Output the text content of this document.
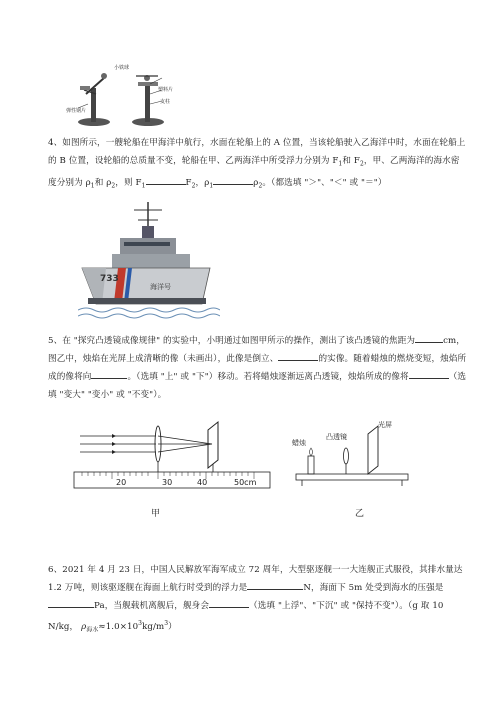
小铁球
弹性钢片
塑料片
支柱
4、如图所示，一艘轮船在甲海洋中航行，水面在轮船上的 A 位置，当该轮船驶入乙海洋中时，水面在轮船上的 B 位置，设轮船的总质量不变，轮船在甲、乙两海洋中所受浮力分别为 $F_1$和 $F_2$，甲、乙两海洋的海水密度分别为 $\rho_1$和 $\rho_2$，则 $F_1$	$F_2$，$\rho_1$	$\rho_2$。（都选填 "＞"、"＜" 或 "＝"）
733
海洋号
5、在 "探究凸透镜成像规律" 的实验中，小明通过如图甲所示的操作，测出了该凸透镜的焦距为	cm，图乙中，烛焰在光屏上成清晰的像（未画出），此像是倒立、	的实像。随着蜡烛的燃烧变短，烛焰所成的像将向	。（选填 "上" 或 "下"）移动。若将蜡烛逐渐远离凸透镜，烛焰所成的像将	（选填 "变大" "变小" 或 "不变"）。
20	30	40	50cm
甲
蜡烛
凸透镜
光屏
乙
6、2021 年 4 月 23 日，中国人民解放军海军成立 72 周年，大型驱逐舰一一大连舰正式服役，其排水量达 1.2 万吨，则该驱逐舰在海面上航行时受到的浮力是	N，海面下 5m 处受到海水的压强是Pa，当舰载机离舰后，舰身会	（选填 "上浮"、"下沉" 或 "保持不变"）。（g 取 10 N/kg， $\rho_{海水}\approx 1.0\times 10^3kg/m^3$）
